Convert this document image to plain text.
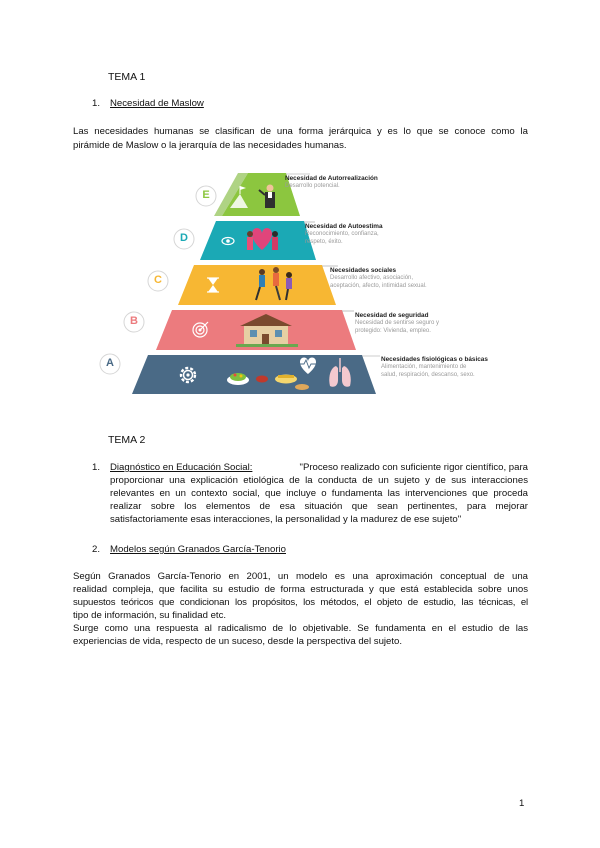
TEMA 1
1. Necesidad de Maslow
Las necesidades humanas se clasifican de una forma jerárquica y es lo que se conoce como la
pirámide de Maslow o la jerarquía de las necesidades humanas.
E
D
C
B
A
Necesidad de Autorrealización
Desarrollo potencial.
Necesidad de Autoestima
Reconocimiento, confianza,
respeto, éxito.
Necesidades sociales
Desarrollo afectivo, asociación,
aceptación, afecto, intimidad sexual.
Necesidad de seguridad
Necesidad de sentirse seguro y
protegido: Vivienda, empleo.
Necesidades fisiológicas o básicas
Alimentación, mantenimiento de
salud, respiración, descanso, sexo.
TEMA 2
1. Diagnóstico en Educación Social:	"Proceso realizado con suficiente rigor científico, para
proporcionar una explicación etiológica de la conducta de un sujeto y de sus interacciones
relevantes en un contexto social, que incluye o fundamenta las intervenciones que proceda
realizar sobre los elementos de esa situación que sean pertinentes, para mejorar
satisfactoriamente esas interacciones, la personalidad y la madurez de ese sujeto"
2. Modelos según Granados García-Tenorio
Según Granados García-Tenorio en 2001, un modelo es una aproximación conceptual de una
realidad compleja, que facilita su estudio de forma estructurada y que está establecida sobre unos
supuestos teóricos que condicionan los propósitos, los métodos, el objeto de estudio, las técnicas, el
tipo de información, su finalidad etc.
Surge como una respuesta al radicalismo de lo objetivable. Se fundamenta en el estudio de las
experiencias de vida, respecto de un suceso, desde la perspectiva del sujeto.
1
